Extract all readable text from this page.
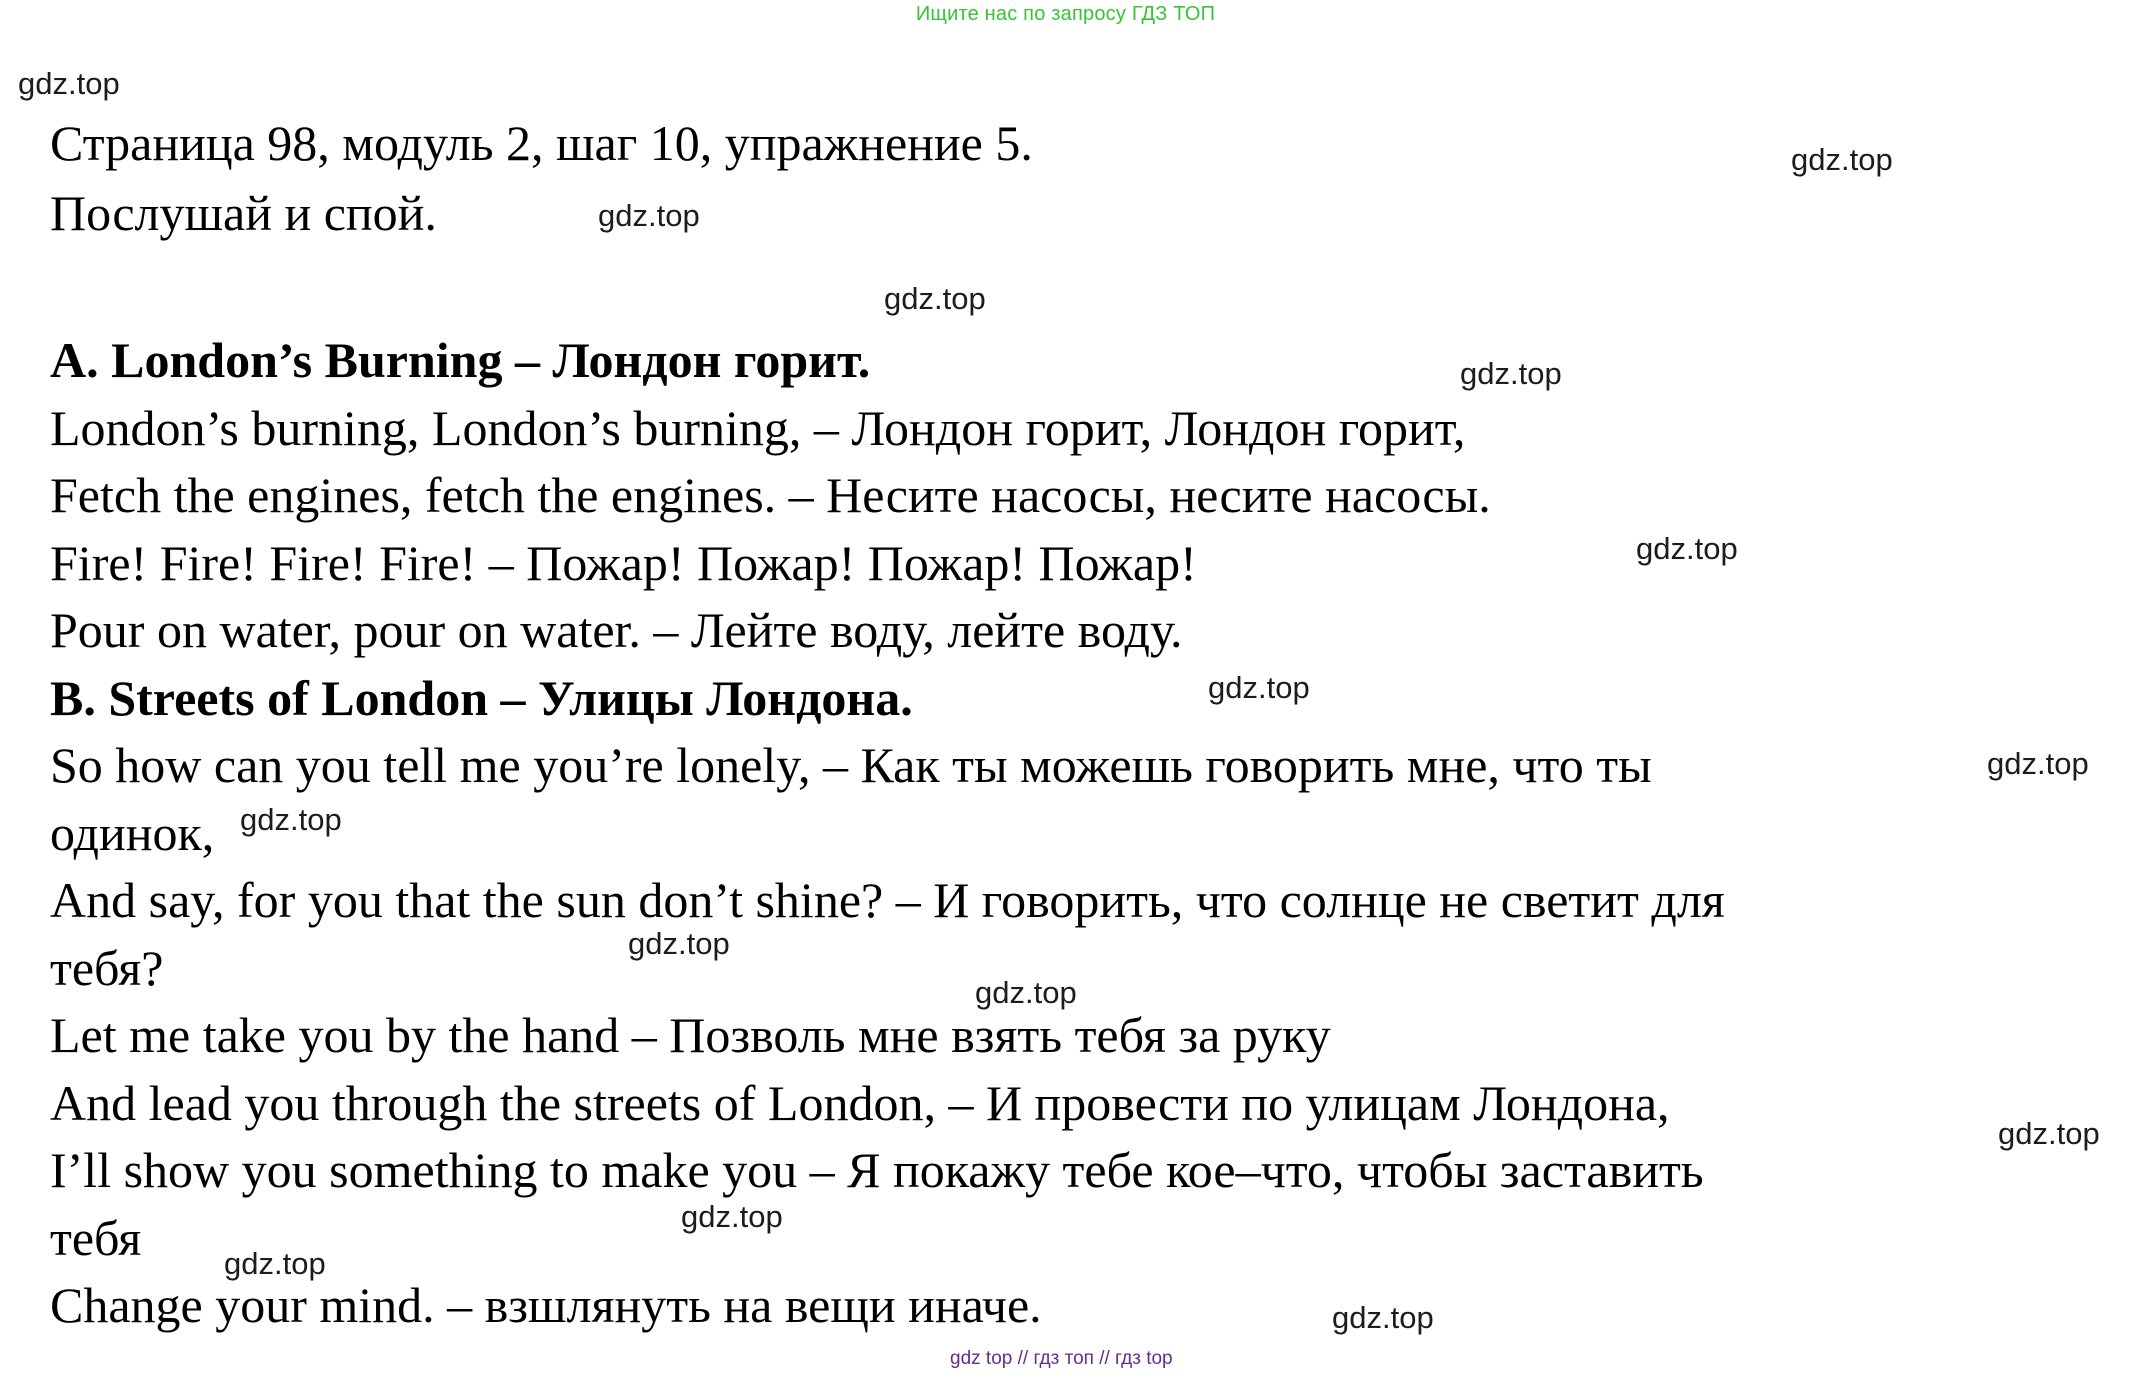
Ищите нас по запросу ГДЗ ТОП
Страница 98, модуль 2, шаг 10, упражнение 5.
Послушай и спой.
A. London’s Burning – Лондон горит.
London’s burning, London’s burning, – Лондон горит, Лондон горит,
Fetch the engines, fetch the engines. – Несите насосы, несите насосы.
Fire! Fire! Fire! Fire! – Пожар! Пожар! Пожар! Пожар!
Pour on water, pour on water. – Лейте воду, лейте воду.
B. Streets of London – Улицы Лондона.
So how can you tell me you’re lonely, – Как ты можешь говорить мне, что ты
одинок,
And say, for you that the sun don’t shine? – И говорить, что солнце не светит для
тебя?
Let me take you by the hand – Позволь мне взять тебя за руку
And lead you through the streets of London, – И провести по улицам Лондона,
I’ll show you something to make you – Я покажу тебе кое–что, чтобы заставить
тебя
Change your mind. – взшлянуть на вещи иначе.
gdz.top
gdz.top
gdz.top
gdz.top
gdz.top
gdz.top
gdz.top
gdz.top
gdz.top
gdz.top
gdz.top
gdz.top
gdz.top
gdz.top
gdz.top
gdz top // гдз топ // гдз top
